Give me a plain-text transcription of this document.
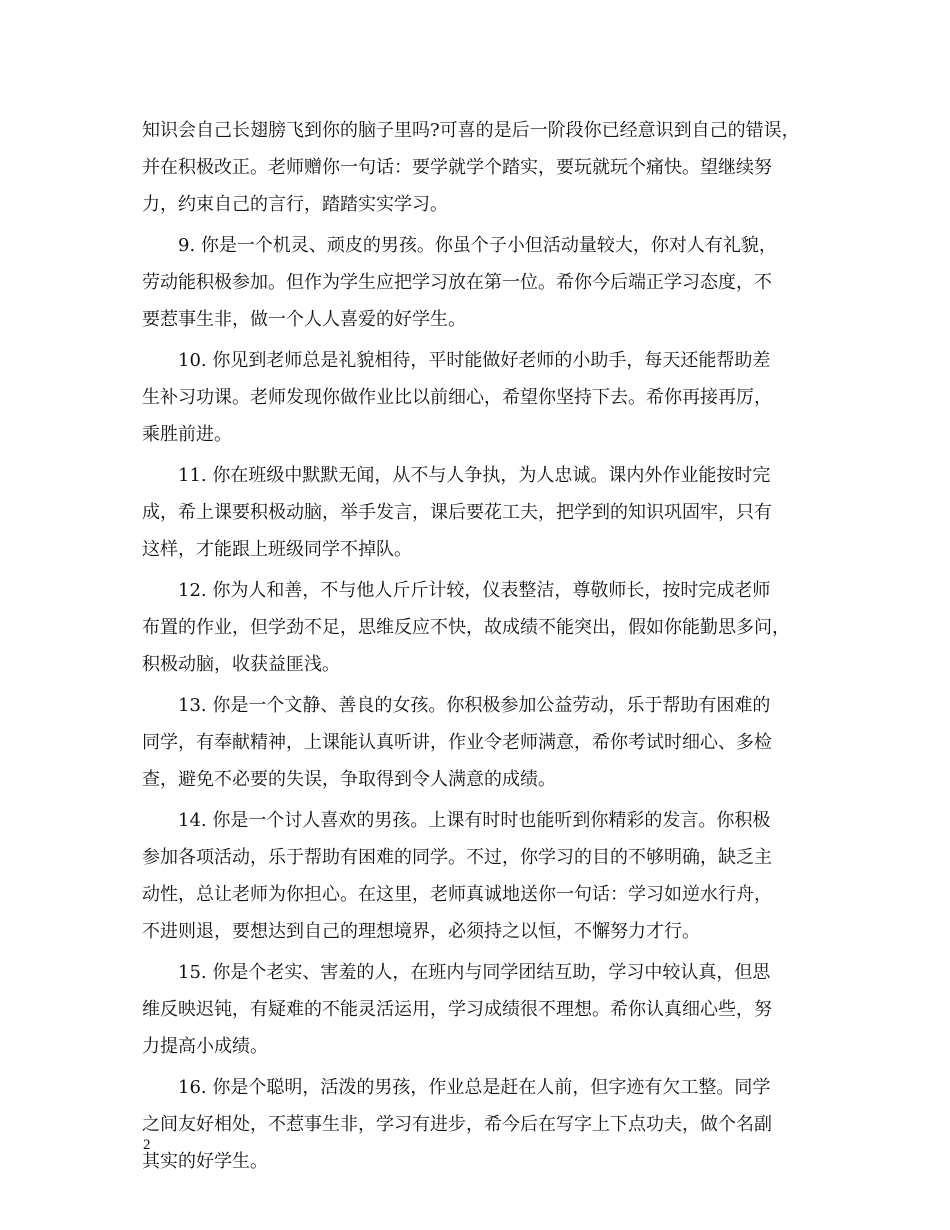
知识会自己长翅膀飞到你的脑子里吗?可喜的是后一阶段你已经意识到自己的错误，
并在积极改正。老师赠你一句话：要学就学个踏实，要玩就玩个痛快。望继续努
力，约束自己的言行，踏踏实实学习。

9. 你是一个机灵、顽皮的男孩。你虽个子小但活动量较大，你对人有礼貌，
劳动能积极参加。但作为学生应把学习放在第一位。希你今后端正学习态度，不
要惹事生非，做一个人人喜爱的好学生。

10. 你见到老师总是礼貌相待，平时能做好老师的小助手，每天还能帮助差
生补习功课。老师发现你做作业比以前细心，希望你坚持下去。希你再接再厉，
乘胜前进。

11. 你在班级中默默无闻，从不与人争执，为人忠诚。课内外作业能按时完
成，希上课要积极动脑，举手发言，课后要花工夫，把学到的知识巩固牢，只有
这样，才能跟上班级同学不掉队。

12. 你为人和善，不与他人斤斤计较，仪表整洁，尊敬师长，按时完成老师
布置的作业，但学劲不足，思维反应不快，故成绩不能突出，假如你能勤思多问，
积极动脑，收获益匪浅。

13. 你是一个文静、善良的女孩。你积极参加公益劳动，乐于帮助有困难的
同学，有奉献精神，上课能认真听讲，作业令老师满意，希你考试时细心、多检
查，避免不必要的失误，争取得到令人满意的成绩。

14. 你是一个讨人喜欢的男孩。上课有时时也能听到你精彩的发言。你积极
参加各项活动，乐于帮助有困难的同学。不过，你学习的目的不够明确，缺乏主
动性，总让老师为你担心。在这里，老师真诚地送你一句话：学习如逆水行舟，
不进则退，要想达到自己的理想境界，必须持之以恒，不懈努力才行。

15. 你是个老实、害羞的人，在班内与同学团结互助，学习中较认真，但思
维反映迟钝，有疑难的不能灵活运用，学习成绩很不理想。希你认真细心些，努
力提高小成绩。

16. 你是个聪明，活泼的男孩，作业总是赶在人前，但字迹有欠工整。同学
之间友好相处，不惹事生非，学习有进步，希今后在写字上下点功夫，做个名副
其实的好学生。

2
